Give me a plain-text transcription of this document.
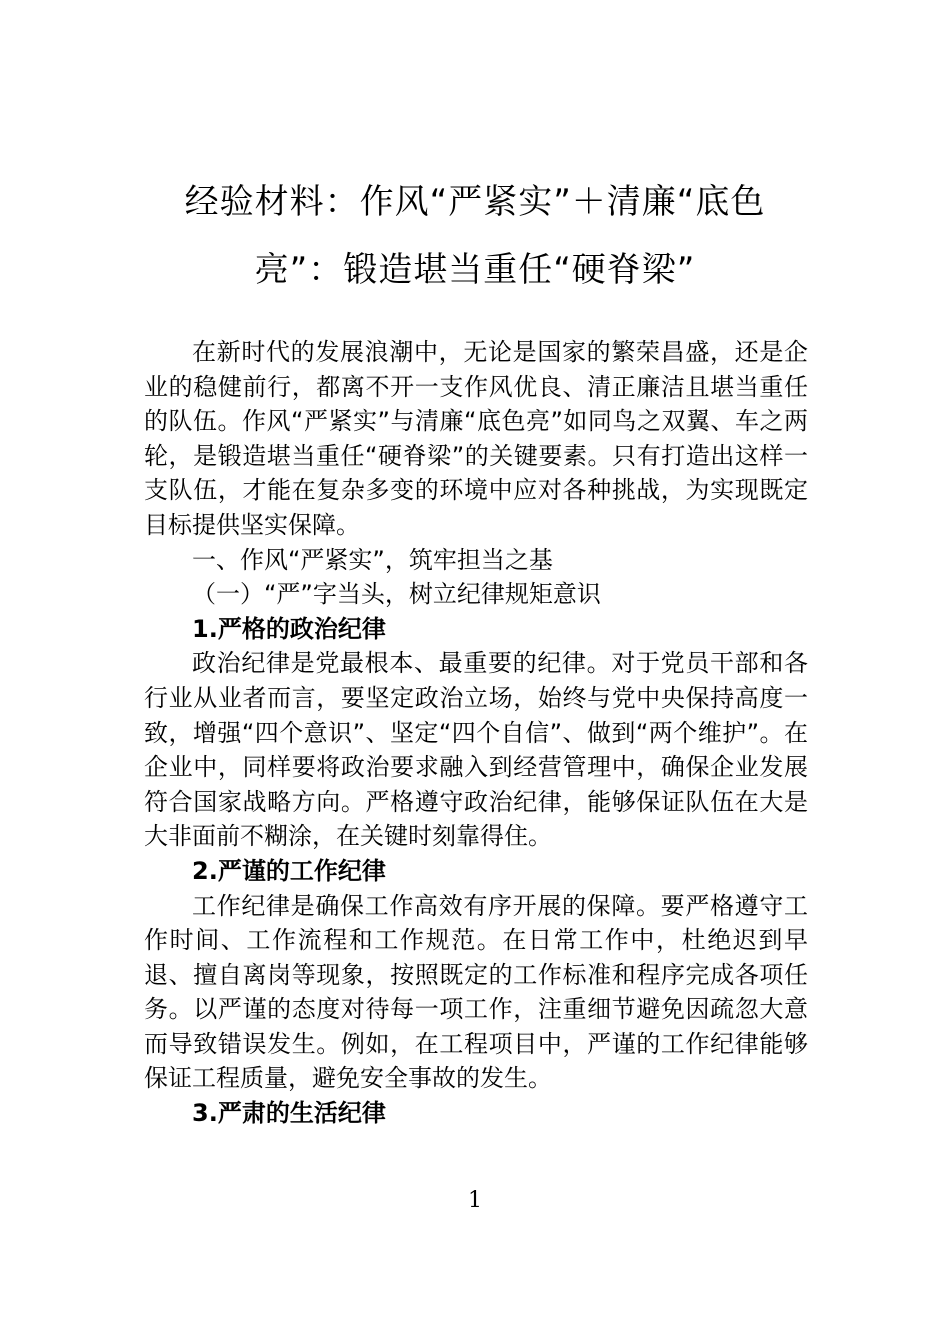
经验材料：作风“严紧实”＋清廉“底色
亮”：锻造堪当重任“硬脊梁”

在新时代的发展浪潮中，无论是国家的繁荣昌盛，还是企业的稳健前行，都离不开一支作风优良、清正廉洁且堪当重任的队伍。作风“严紧实”与清廉“底色亮”如同鸟之双翼、车之两轮，是锻造堪当重任“硬脊梁”的关键要素。只有打造出这样一支队伍，才能在复杂多变的环境中应对各种挑战，为实现既定目标提供坚实保障。

一、作风“严紧实”，筑牢担当之基

（一）“严”字当头，树立纪律规矩意识

1.严格的政治纪律

政治纪律是党最根本、最重要的纪律。对于党员干部和各行业从业者而言，要坚定政治立场，始终与党中央保持高度一致，增强“四个意识”、坚定“四个自信”、做到“两个维护”。在企业中，同样要将政治要求融入到经营管理中，确保企业发展符合国家战略方向。严格遵守政治纪律，能够保证队伍在大是大非面前不糊涂，在关键时刻靠得住。

2.严谨的工作纪律

工作纪律是确保工作高效有序开展的保障。要严格遵守工作时间、工作流程和工作规范。在日常工作中，杜绝迟到早退、擅自离岗等现象，按照既定的工作标准和程序完成各项任务。以严谨的态度对待每一项工作，注重细节避免因疏忽大意而导致错误发生。例如，在工程项目中，严谨的工作纪律能够保证工程质量，避免安全事故的发生。

3.严肃的生活纪律

1
